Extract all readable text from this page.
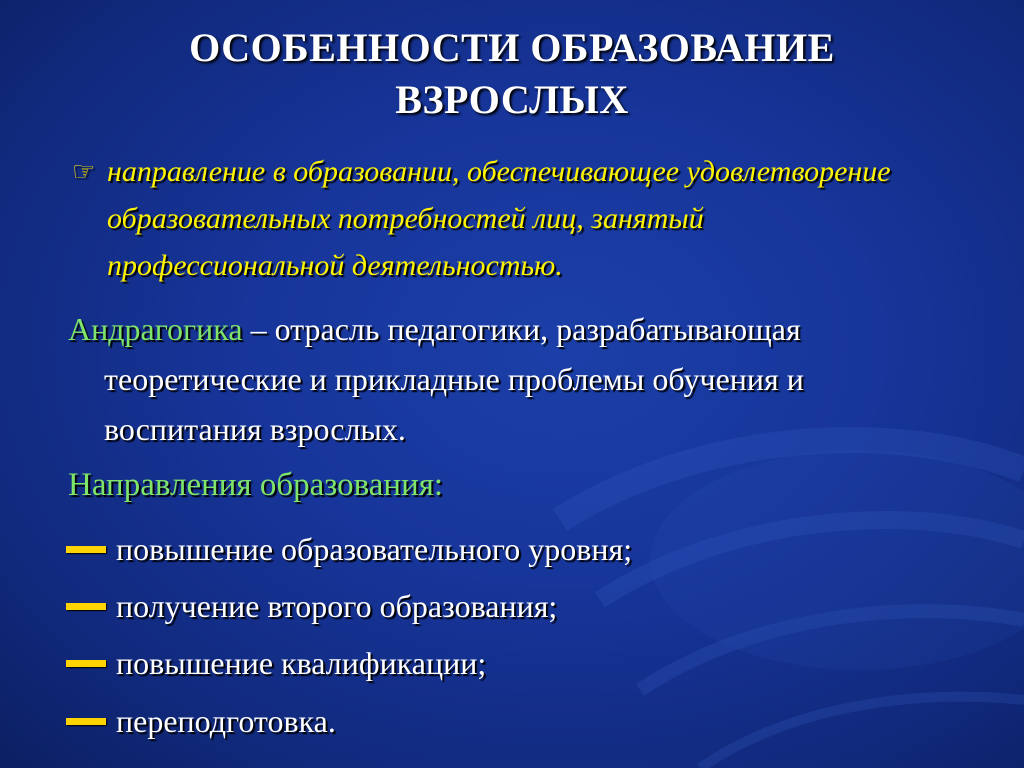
ОСОБЕННОСТИ ОБРАЗОВАНИЕ
ВЗРОСЛЫХ
☞ направление в образовании, обеспечивающее удовлетворение
образовательных потребностей лиц, занятый
профессиональной деятельностью.
Андрагогика – отрасль педагогики, разрабатывающая
теоретические и прикладные проблемы обучения и
воспитания взрослых.
Направления образования:
повышение образовательного уровня;
получение второго образования;
повышение квалификации;
переподготовка.
